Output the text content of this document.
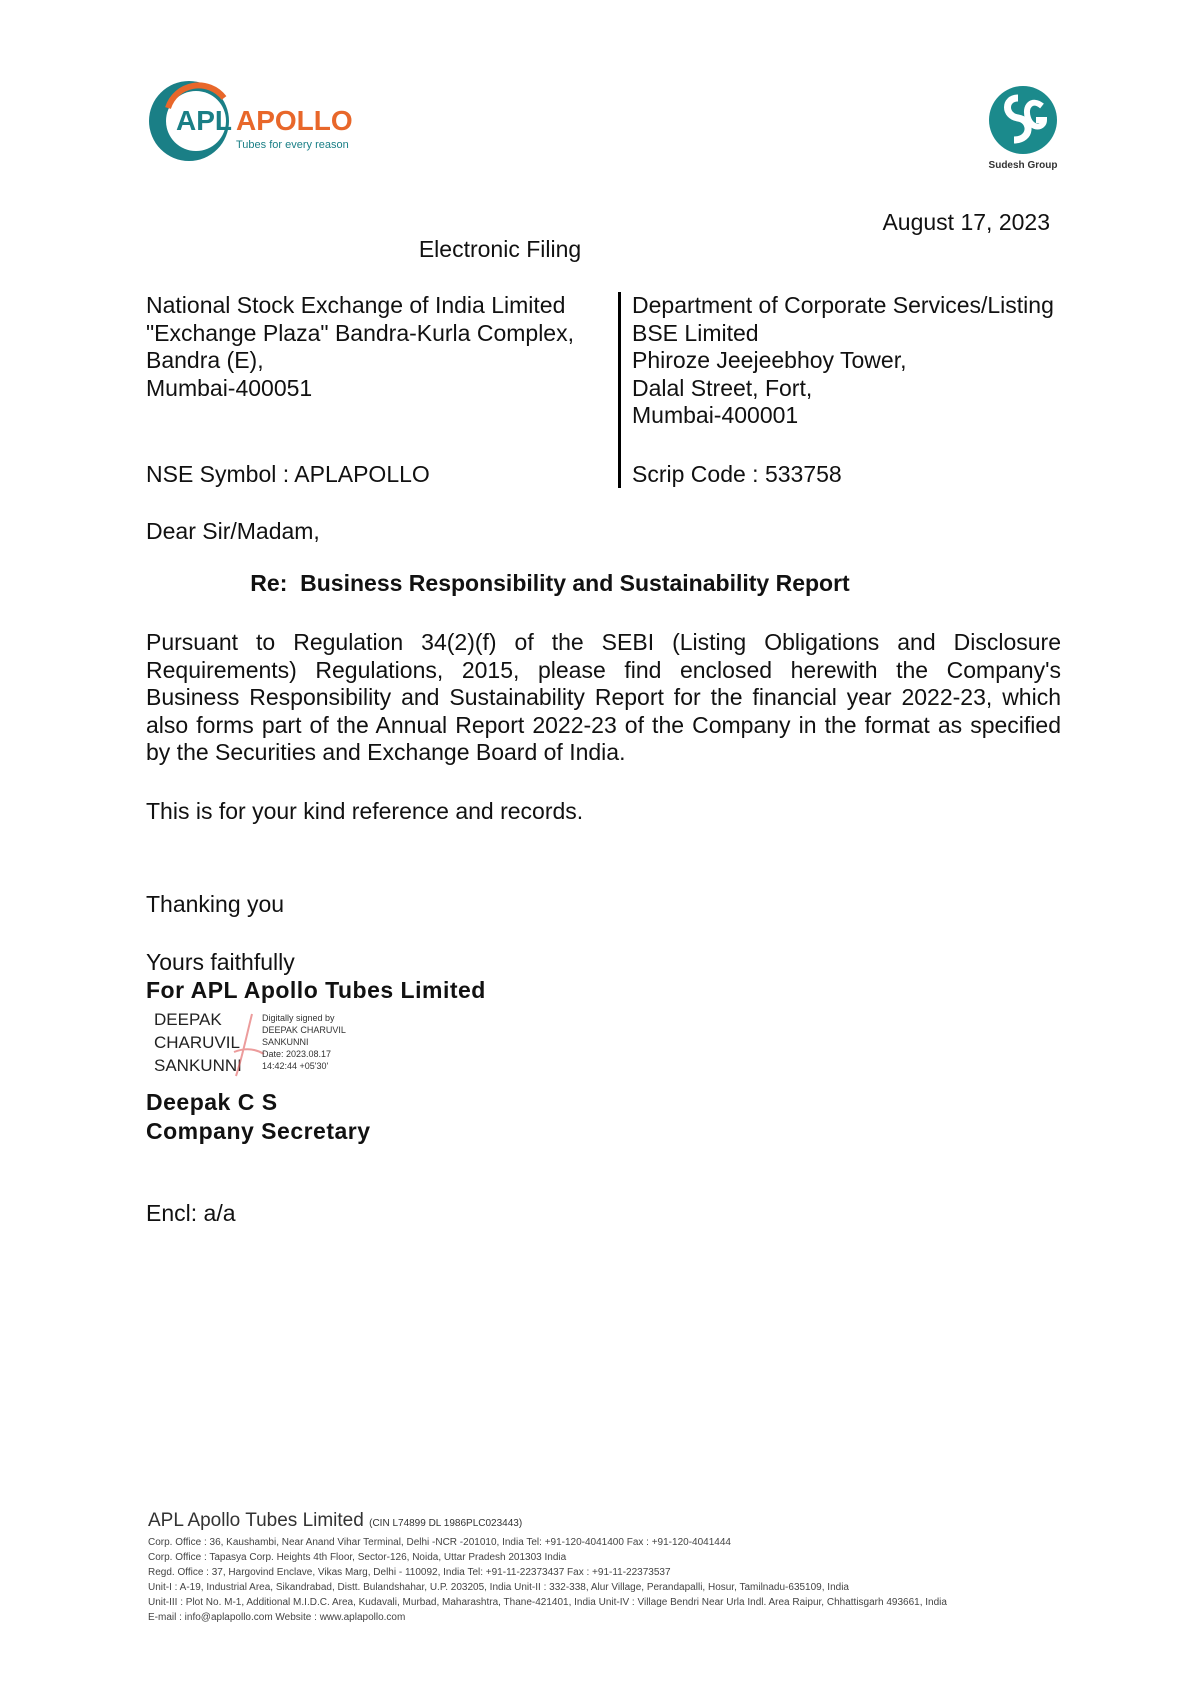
APL APOLLO
Tubes for every reason
Sudesh Group
August 17, 2023
Electronic Filing
National Stock Exchange of India Limited
"Exchange Plaza" Bandra-Kurla Complex,
Bandra (E),
Mumbai-400051
Department of Corporate Services/Listing
BSE Limited
Phiroze Jeejeebhoy Tower,
Dalal Street, Fort,
Mumbai-400001
NSE Symbol : APLAPOLLO	Scrip Code : 533758
Dear Sir/Madam,
Re:  Business Responsibility and Sustainability Report
Pursuant to Regulation 34(2)(f) of the SEBI (Listing Obligations and Disclosure Requirements) Regulations, 2015, please find enclosed herewith the Company's Business Responsibility and Sustainability Report for the financial year 2022-23, which also forms part of the Annual Report 2022-23 of the Company in the format as specified by the Securities and Exchange Board of India.
This is for your kind reference and records.
Thanking you
Yours faithfully
For APL Apollo Tubes Limited
DEEPAK
CHARUVIL
SANKUNNI
Digitally signed by
DEEPAK CHARUVIL
SANKUNNI
Date: 2023.08.17
14:42:44 +05'30'
Deepak C S
Company Secretary
Encl: a/a
APL Apollo Tubes Limited (CIN L74899 DL 1986PLC023443)
Corp. Office : 36, Kaushambi, Near Anand Vihar Terminal, Delhi -NCR -201010, India Tel: +91-120-4041400 Fax : +91-120-4041444
Corp. Office : Tapasya Corp. Heights 4th Floor, Sector-126, Noida, Uttar Pradesh 201303 India
Regd. Office : 37, Hargovind Enclave, Vikas Marg, Delhi - 110092, India Tel: +91-11-22373437 Fax : +91-11-22373537
Unit-I : A-19, Industrial Area, Sikandrabad, Distt. Bulandshahar, U.P. 203205, India Unit-II : 332-338, Alur Village, Perandapalli, Hosur, Tamilnadu-635109, India
Unit-III : Plot No. M-1, Additional M.I.D.C. Area, Kudavali, Murbad, Maharashtra, Thane-421401, India Unit-IV : Village Bendri Near Urla Indl. Area Raipur, Chhattisgarh 493661, India
E-mail : info@aplapollo.com Website : www.aplapollo.com
